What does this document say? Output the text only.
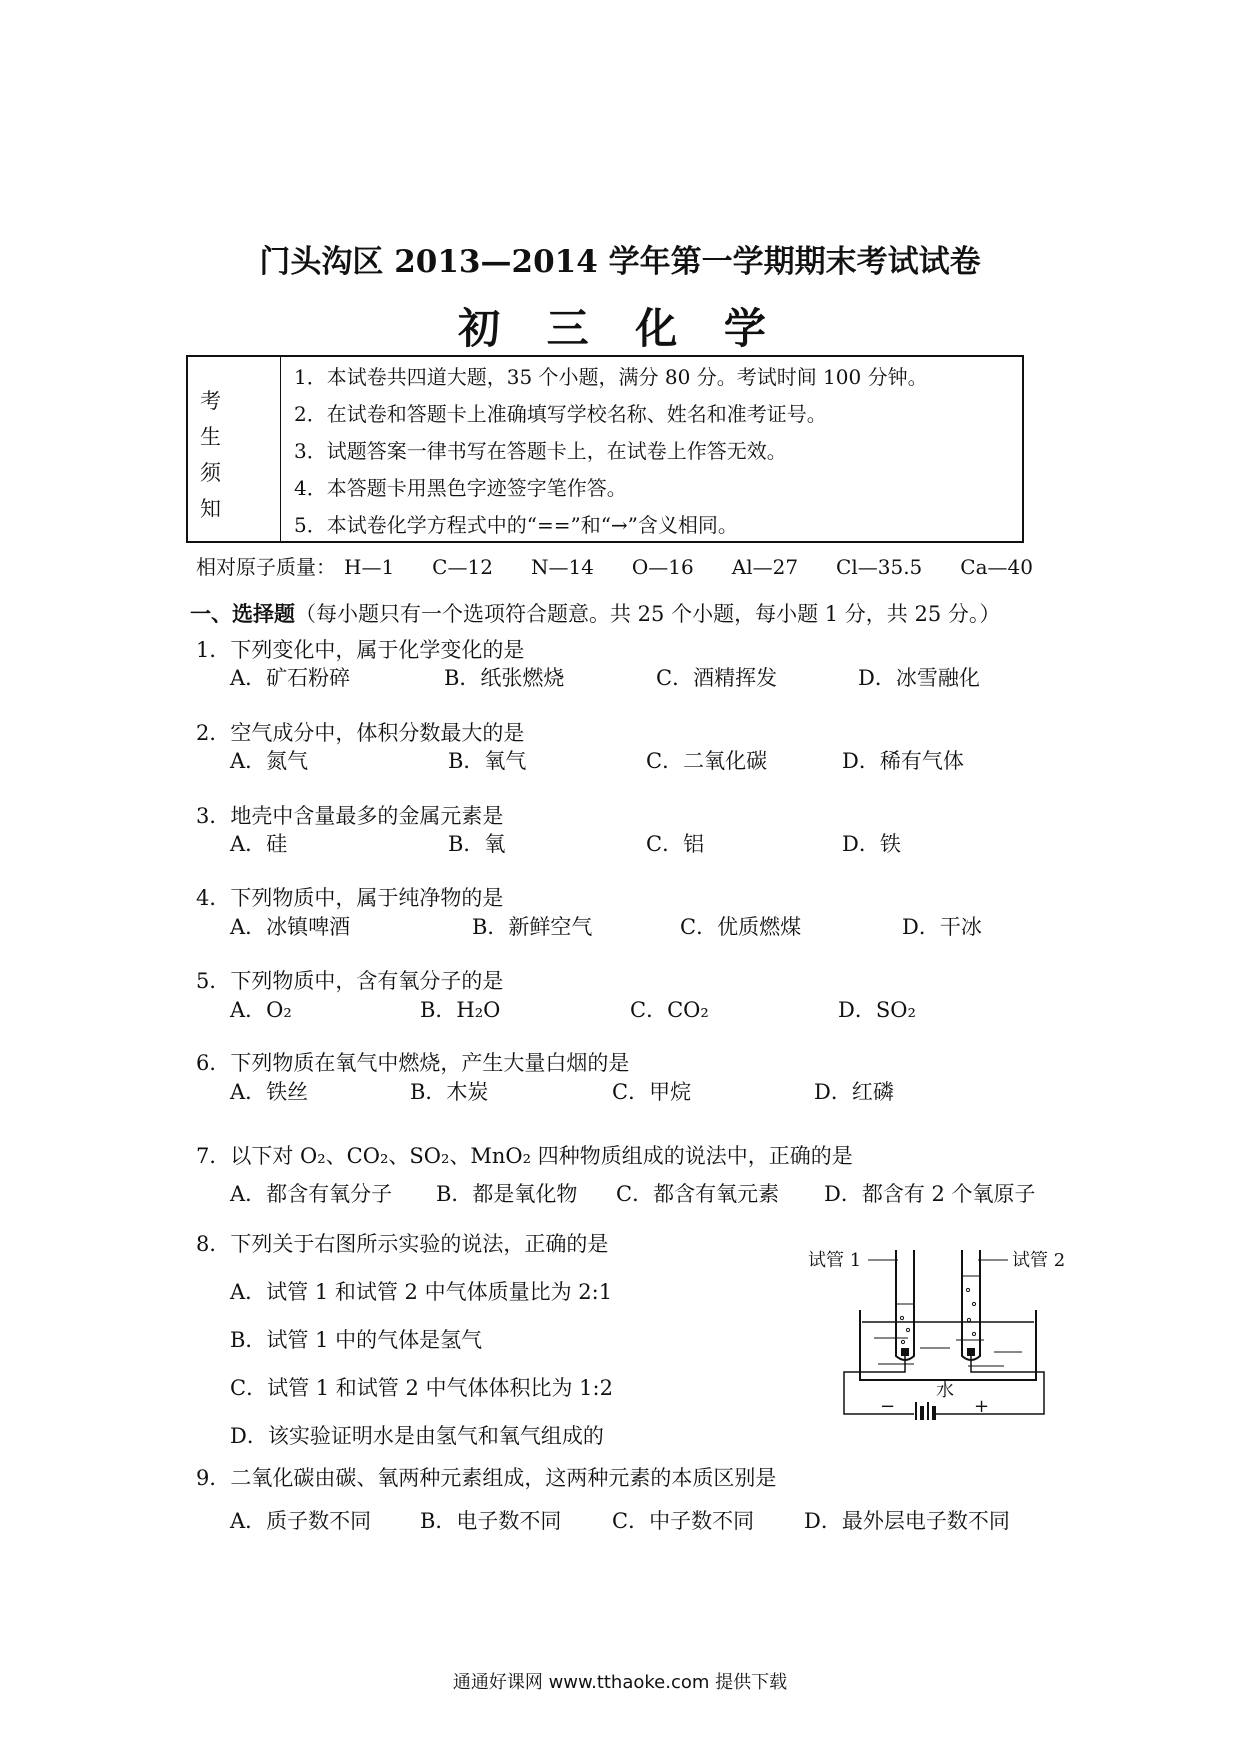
门头沟区 2013—2014 学年第一学期期末考试试卷
初 三 化 学
考
生
须
知
1．本试卷共四道大题，35 个小题，满分 80 分。考试时间 100 分钟。
2．在试卷和答题卡上准确填写学校名称、姓名和准考证号。
3．试题答案一律书写在答题卡上，在试卷上作答无效。
4．本答题卡用黑色字迹签字笔作答。
5．本试卷化学方程式中的“==”和“→”含义相同。
相对原子质量： H—1 C—12 N—14 O—16 Al—27 Cl—35.5 Ca—40
一、选择题（每小题只有一个选项符合题意。共 25 个小题，每小题 1 分，共 25 分。）
1．下列变化中，属于化学变化的是
A．矿石粉碎	B．纸张燃烧	C．酒精挥发	D．冰雪融化
2．空气成分中，体积分数最大的是
A．氮气	B．氧气	C．二氧化碳	D．稀有气体
3．地壳中含量最多的金属元素是
A．硅	B．氧	C．铝	D．铁
4．下列物质中，属于纯净物的是
A．冰镇啤酒	B．新鲜空气	C．优质燃煤	D．干冰
5．下列物质中，含有氧分子的是
A．O₂	B．H₂O	C．CO₂	D．SO₂
6．下列物质在氧气中燃烧，产生大量白烟的是
A．铁丝	B．木炭	C．甲烷	D．红磷
7．以下对 O₂、CO₂、SO₂、MnO₂ 四种物质组成的说法中，正确的是
A．都含有氧分子 B．都是氧化物 C．都含有氧元素 D．都含有 2 个氧原子
8．下列关于右图所示实验的说法，正确的是
A．试管 1 和试管 2 中气体质量比为 2:1
B．试管 1 中的气体是氢气
C．试管 1 和试管 2 中气体体积比为 1:2
D．该实验证明水是由氢气和氧气组成的
试管 1	试管 2
水
−	+
9．二氧化碳由碳、氧两种元素组成，这两种元素的本质区别是
A．质子数不同 B．电子数不同 C．中子数不同 D．最外层电子数不同
通通好课网 www.tthaoke.com 提供下载
